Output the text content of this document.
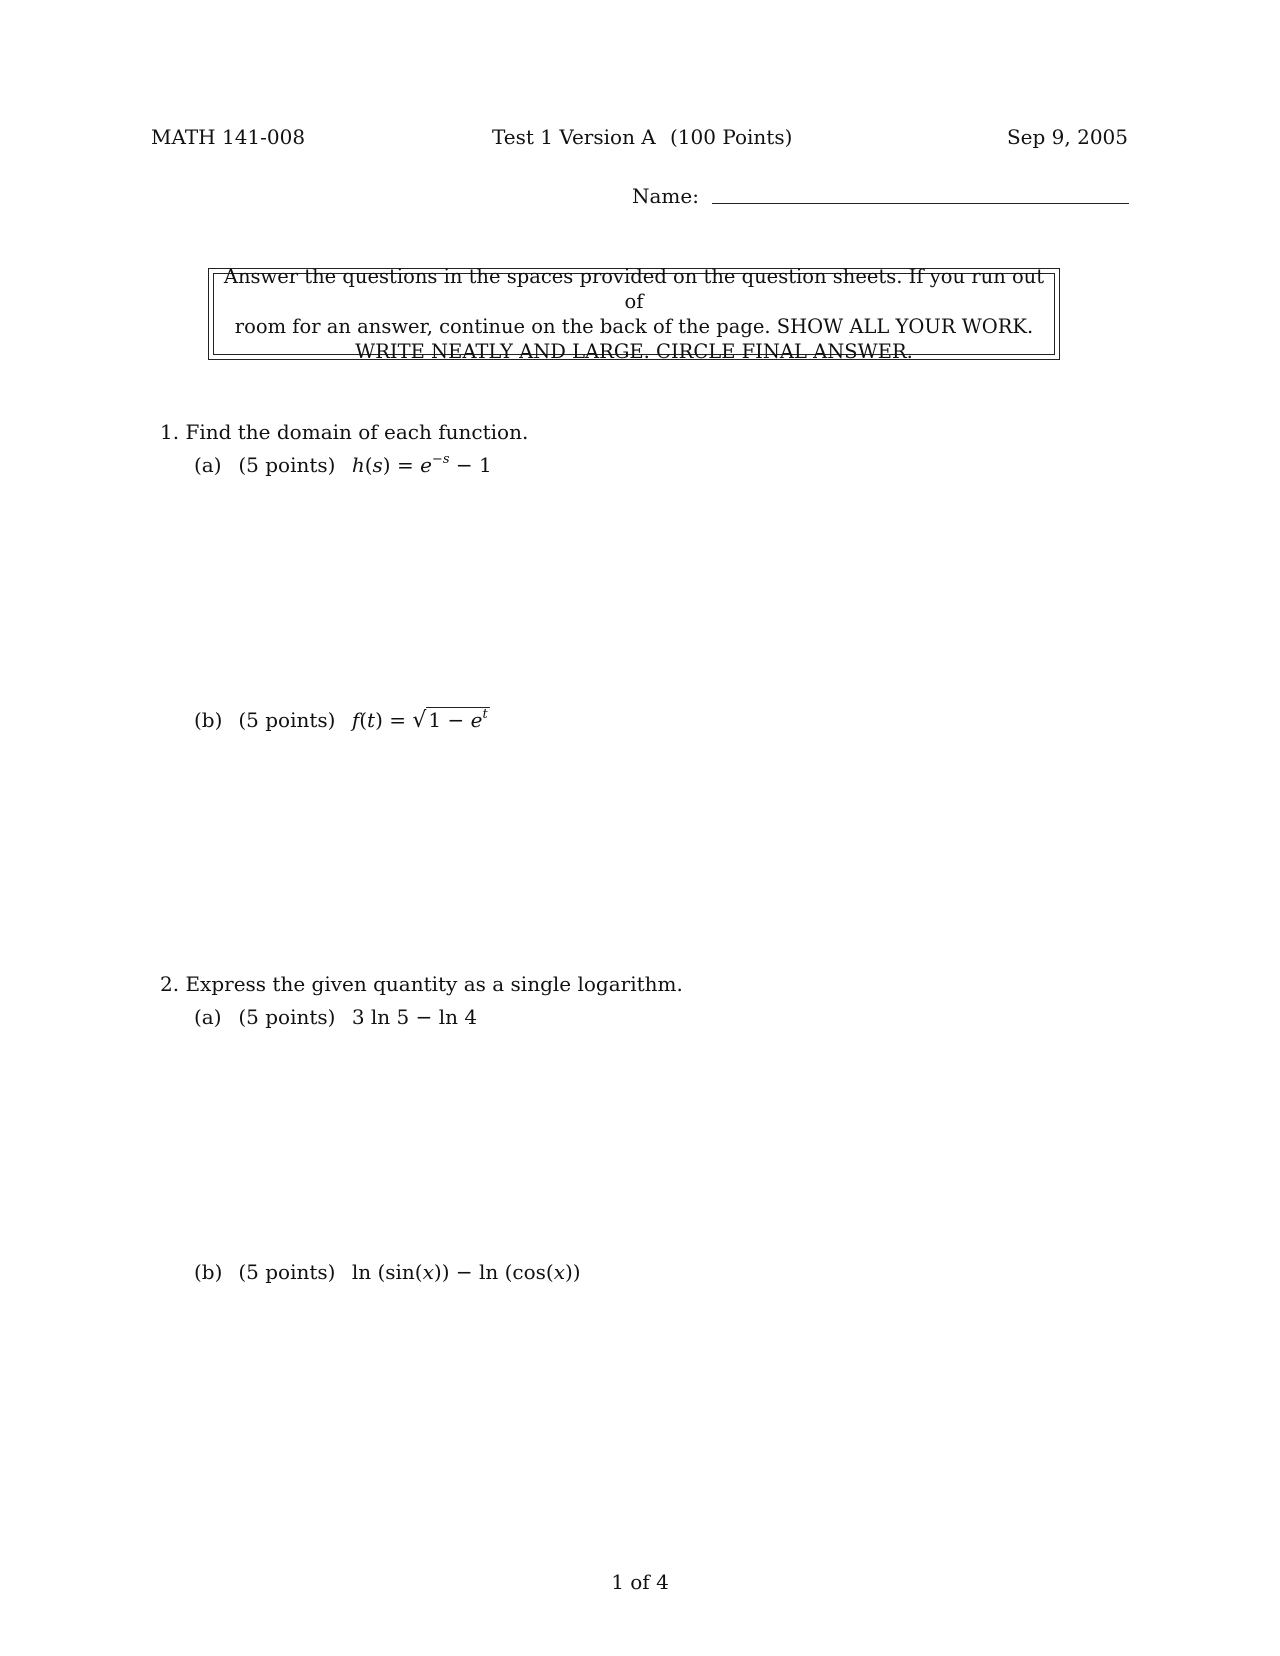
MATH 141-008	Test 1 Version A (100 Points)	Sep 9, 2005
Name:
Answer the questions in the spaces provided on the question sheets. If you run out of
room for an answer, continue on the back of the page. SHOW ALL YOUR WORK.
WRITE NEATLY AND LARGE. CIRCLE FINAL ANSWER.
1. Find the domain of each function.
(a) (5 points) $h(s) = e^{-s} - 1$
(b) (5 points) f(t) = √ $1 - e^t$
2. Express the given quantity as a single logarithm.
(a) (5 points) 3 ln 5 − ln 4
(b) (5 points) ln (sin(x)) − ln (cos(x))
1 of 4
